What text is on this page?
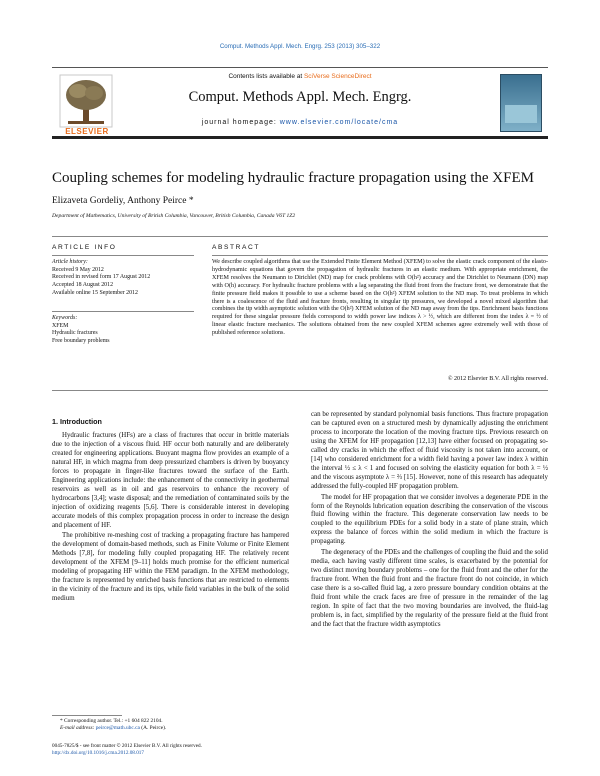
Comput. Methods Appl. Mech. Engrg. 253 (2013) 305–322
ELSEVIER
Contents lists available at SciVerse ScienceDirect
Comput. Methods Appl. Mech. Engrg.
journal homepage: www.elsevier.com/locate/cma
Coupling schemes for modeling hydraulic fracture propagation using the XFEM
Elizaveta Gordeliy, Anthony Peirce *
Department of Mathematics, University of British Columbia, Vancouver, British Columbia, Canada V6T 1Z2
ARTICLE INFO
Article history:
Received 9 May 2012
Received in revised form 17 August 2012
Accepted 18 August 2012
Available online 15 September 2012
Keywords:
XFEM
Hydraulic fractures
Free boundary problems
ABSTRACT
We describe coupled algorithms that use the Extended Finite Element Method (XFEM) to solve the elastic crack component of the elasto-hydrodynamic equations that govern the propagation of hydraulic fractures in an elastic medium. With appropriate enrichment, the XFEM resolves the Neumann to Dirichlet (ND) map for crack problems with O(h²) accuracy and the Dirichlet to Neumann (DN) map with O(h) accuracy. For hydraulic fracture problems with a lag separating the fluid front from the fracture front, we demonstrate that the finite pressure field makes it possible to use a scheme based on the O(h²) XFEM solution to the ND map. To treat problems in which there is a coalescence of the fluid and fracture fronts, resulting in singular tip pressures, we developed a novel mixed algorithm that combines the tip width asymptotic solution with the O(h²) XFEM solution of the ND map away from the tips. Enrichment basis functions required for these singular pressure fields correspond to width power law indices λ > ½, which are different from the index λ = ½ of linear elastic fracture mechanics. The solutions obtained from the new coupled XFEM schemes agree extremely well with those of published reference solutions.
© 2012 Elsevier B.V. All rights reserved.
1. Introduction

Hydraulic fractures (HFs) are a class of fractures that occur in brittle materials due to the injection of a viscous fluid. HF occur both naturally and are deliberately created for engineering applications. Buoyant magma flow provides an example of a natural HF, in which magma from deep pressurized chambers is driven by buoyancy forces to propagate in finger-like fractures toward the surface of the Earth. Engineering applications include: the enhancement of the connectivity in geothermal reservoirs as well as in oil and gas reservoirs to enhance the recovery of hydrocarbons [3,4]; waste disposal; and the remediation of contaminated soils by the injection of oxidizing reagents [5,6]. There is considerable interest in developing accurate models of this complex propagation process in order to increase the design and placement of HF.

The prohibitive re-meshing cost of tracking a propagating fracture has hampered the development of domain-based methods, such as Finite Volume or Finite Element Methods [7,8], for modeling fully coupled propagating HF. The relatively recent development of the XFEM [9–11] holds much promise for the efficient numerical modeling of propagating HF within the FEM paradigm. In the XFEM methodology, the fracture is represented by enriched basis functions that are restricted to elements in the vicinity of the fracture and its tips, while field variables in the bulk of the solid medium

can be represented by standard polynomial basis functions. Thus fracture propagation can be captured even on a structured mesh by dynamically adjusting the enrichment process to incorporate the location of the moving fracture tips. Previous research on using the XFEM for HF propagation [12,13] have either focused on propagating so-called dry cracks in which the effect of fluid viscosity is not taken into account, or [14] who considered enrichment for a width field having a power law index λ within the interval ½ ≤ λ < 1 and focused on solving the elasticity equation for both λ = ½ and the viscous asymptote λ = ⅔ [15]. However, none of this research has adequately addressed the fully-coupled HF propagation problem.

The model for HF propagation that we consider involves a degenerate PDE in the form of the Reynolds lubrication equation describing the conservation of the viscous fluid flowing within the fracture. This degenerate conservation law needs to be coupled to the equilibrium PDEs for a solid body in a state of plane strain, which express the balance of forces within the solid medium in which the fracture is propagating.

The degeneracy of the PDEs and the challenges of coupling the fluid and the solid media, each having vastly different time scales, is exacerbated by the potential for two distinct moving boundary problems – one for the fluid front and the other for the fracture front. When the fluid front and the fracture front do not coincide, in which case there is a so-called fluid lag, a zero pressure boundary condition obtains at the fluid front while the crack faces are free of pressure in the remainder of the lag region. In spite of fact that the two moving boundaries are involved, the fluid-lag problem is, in fact, simplified by the regularity of the pressure field at the fluid front and the fact that the fracture width asymptotics

* Corresponding author. Tel.: +1 604 822 2104.
E-mail address: peirce@math.ubc.ca (A. Peirce).
0045-7825/$ - see front matter © 2012 Elsevier B.V. All rights reserved.
http://dx.doi.org/10.1016/j.cma.2012.08.017
